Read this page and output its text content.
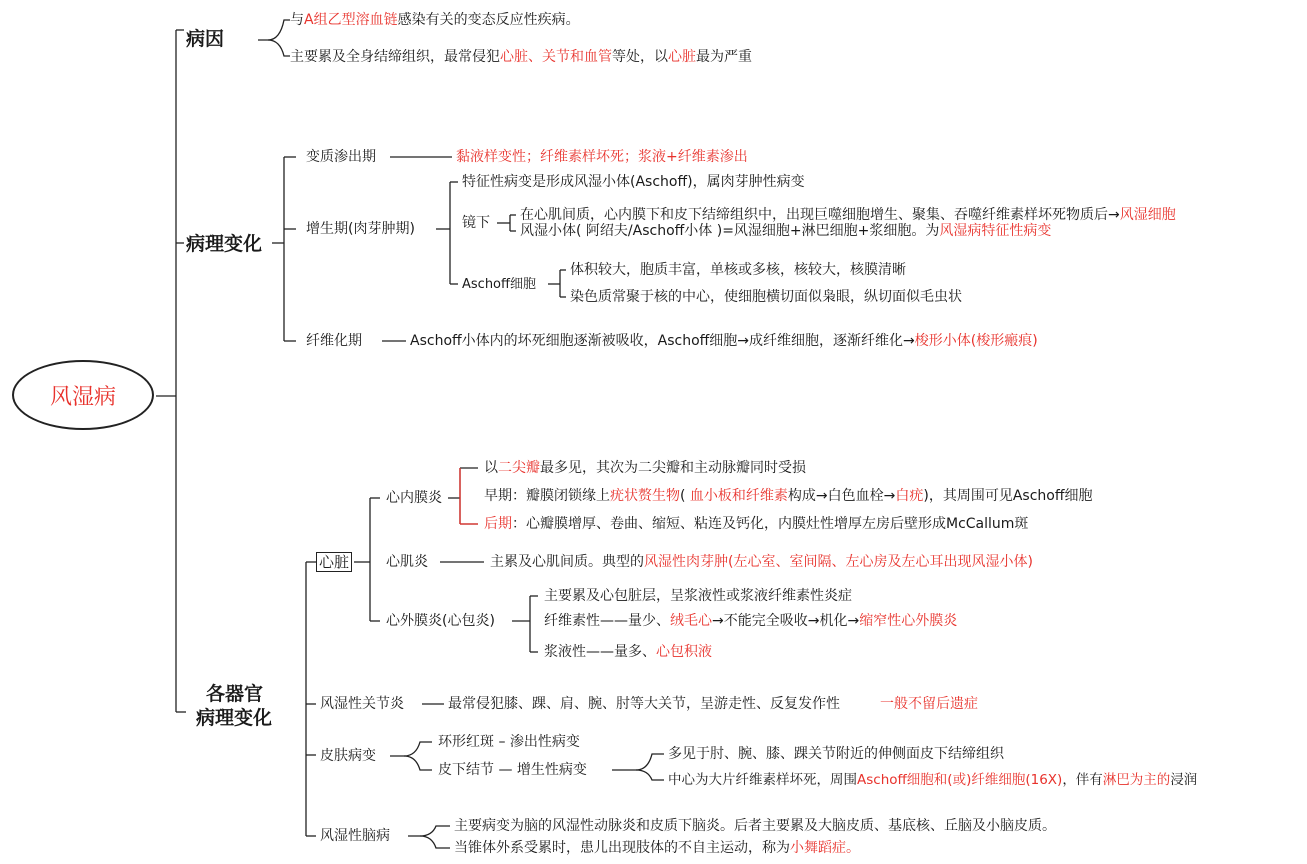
风湿病
病因
与A组乙型溶血链感染有关的变态反应性疾病。
主要累及全身结缔组织，最常侵犯心脏、关节和血管等处，以心脏最为严重
病理变化
变质渗出期	黏液样变性；纤维素样坏死；浆液+纤维素渗出
增生期(肉芽肿期)
特征性病变是形成风湿小体(Aschoff)，属肉芽肿性病变
镜下 在心肌间质，心内膜下和皮下结缔组织中，出现巨噬细胞增生、聚集、吞噬纤维素样坏死物质后→风湿细胞
风湿小体( 阿绍夫/Aschoff小体 )=风湿细胞+淋巴细胞+浆细胞。为风湿病特征性病变
Aschoff细胞
体积较大，胞质丰富，单核或多核，核较大，核膜清晰
染色质常聚于核的中心，使细胞横切面似枭眼，纵切面似毛虫状
纤维化期	Aschoff小体内的坏死细胞逐渐被吸收，Aschoff细胞→成纤维细胞，逐渐纤维化→梭形小体(梭形瘢痕)
各器官
病理变化
心脏
心内膜炎
以二尖瓣最多见，其次为二尖瓣和主动脉瓣同时受损
早期：瓣膜闭锁缘上疣状赘生物( 血小板和纤维素构成→白色血栓→白疣)，其周围可见Aschoff细胞
后期：心瓣膜增厚、卷曲、缩短、粘连及钙化，内膜灶性增厚左房后壁形成McCallum斑
心肌炎	主累及心肌间质。典型的风湿性肉芽肿(左心室、室间隔、左心房及左心耳出现风湿小体)
心外膜炎(心包炎)
主要累及心包脏层，呈浆液性或浆液纤维素性炎症
纤维素性——量少、绒毛心→不能完全吸收→机化→缩窄性心外膜炎
浆液性——量多、心包积液
风湿性关节炎	最常侵犯膝、踝、肩、腕、肘等大关节，呈游走性、反复发作性	一般不留后遗症
皮肤病变
环形红斑 – 渗出性病变
皮下结节 — 增生性病变
多见于肘、腕、膝、踝关节附近的伸侧面皮下结缔组织
中心为大片纤维素样坏死，周围Aschoff细胞和(或)纤维细胞(16X)，伴有淋巴为主的浸润
风湿性脑病
主要病变为脑的风湿性动脉炎和皮质下脑炎。后者主要累及大脑皮质、基底核、丘脑及小脑皮质。
当锥体外系受累时，患儿出现肢体的不自主运动，称为小舞蹈症。
